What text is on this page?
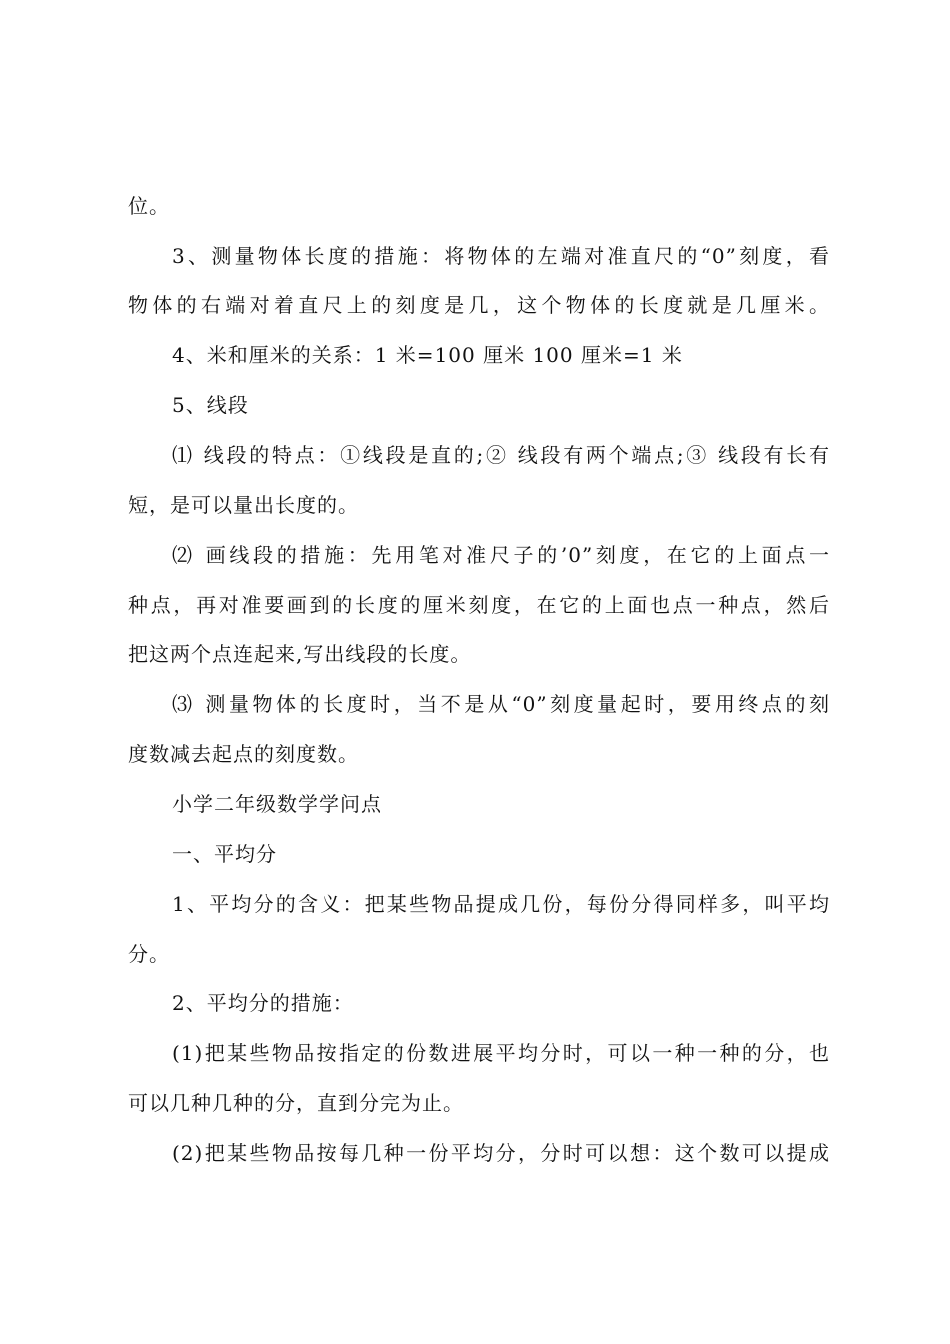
位。
3、测量物体长度的措施：将物体的左端对准直尺的“0”刻度，看
物体的右端对着直尺上的刻度是几，这个物体的长度就是几厘米。
4、米和厘米的关系：1 米=100 厘米 100 厘米=1 米
5、线段
⑴ 线段的特点：①线段是直的;② 线段有两个端点;③ 线段有长有
短，是可以量出长度的。
⑵ 画线段的措施：先用笔对准尺子的’0”刻度，在它的上面点一
种点，再对准要画到的长度的厘米刻度，在它的上面也点一种点，然后
把这两个点连起来,写出线段的长度。
⑶ 测量物体的长度时，当不是从“0”刻度量起时，要用终点的刻
度数减去起点的刻度数。
小学二年级数学学问点
一、平均分
1、平均分的含义：把某些物品提成几份，每份分得同样多，叫平均
分。
2、平均分的措施：
(1)把某些物品按指定的份数进展平均分时，可以一种一种的分，也
可以几种几种的分，直到分完为止。
(2)把某些物品按每几种一份平均分，分时可以想：这个数可以提成
